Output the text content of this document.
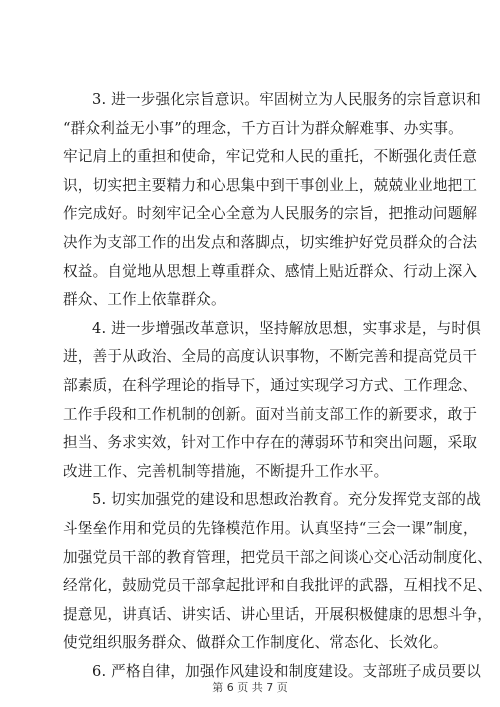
3. 进一步强化宗旨意识。牢固树立为人民服务的宗旨意识和
“群众利益无小事”的理念，千方百计为群众解难事、办实事。
牢记肩上的重担和使命，牢记党和人民的重托，不断强化责任意
识，切实把主要精力和心思集中到干事创业上，兢兢业业地把工
作完成好。时刻牢记全心全意为人民服务的宗旨，把推动问题解
决作为支部工作的出发点和落脚点，切实维护好党员群众的合法
权益。自觉地从思想上尊重群众、感情上贴近群众、行动上深入
群众、工作上依靠群众。
4. 进一步增强改革意识，坚持解放思想，实事求是，与时俱
进，善于从政治、全局的高度认识事物，不断完善和提高党员干
部素质，在科学理论的指导下，通过实现学习方式、工作理念、
工作手段和工作机制的创新。面对当前支部工作的新要求，敢于
担当、务求实效，针对工作中存在的薄弱环节和突出问题，采取
改进工作、完善机制等措施，不断提升工作水平。
5. 切实加强党的建设和思想政治教育。充分发挥党支部的战
斗堡垒作用和党员的先锋模范作用。认真坚持“三会一课”制度，
加强党员干部的教育管理，把党员干部之间谈心交心活动制度化、
经常化，鼓励党员干部拿起批评和自我批评的武器，互相找不足、
提意见，讲真话、讲实话、讲心里话，开展积极健康的思想斗争，
使党组织服务群众、做群众工作制度化、常态化、长效化。
6. 严格自律，加强作风建设和制度建设。支部班子成员要以
第 6 页 共 7 页
